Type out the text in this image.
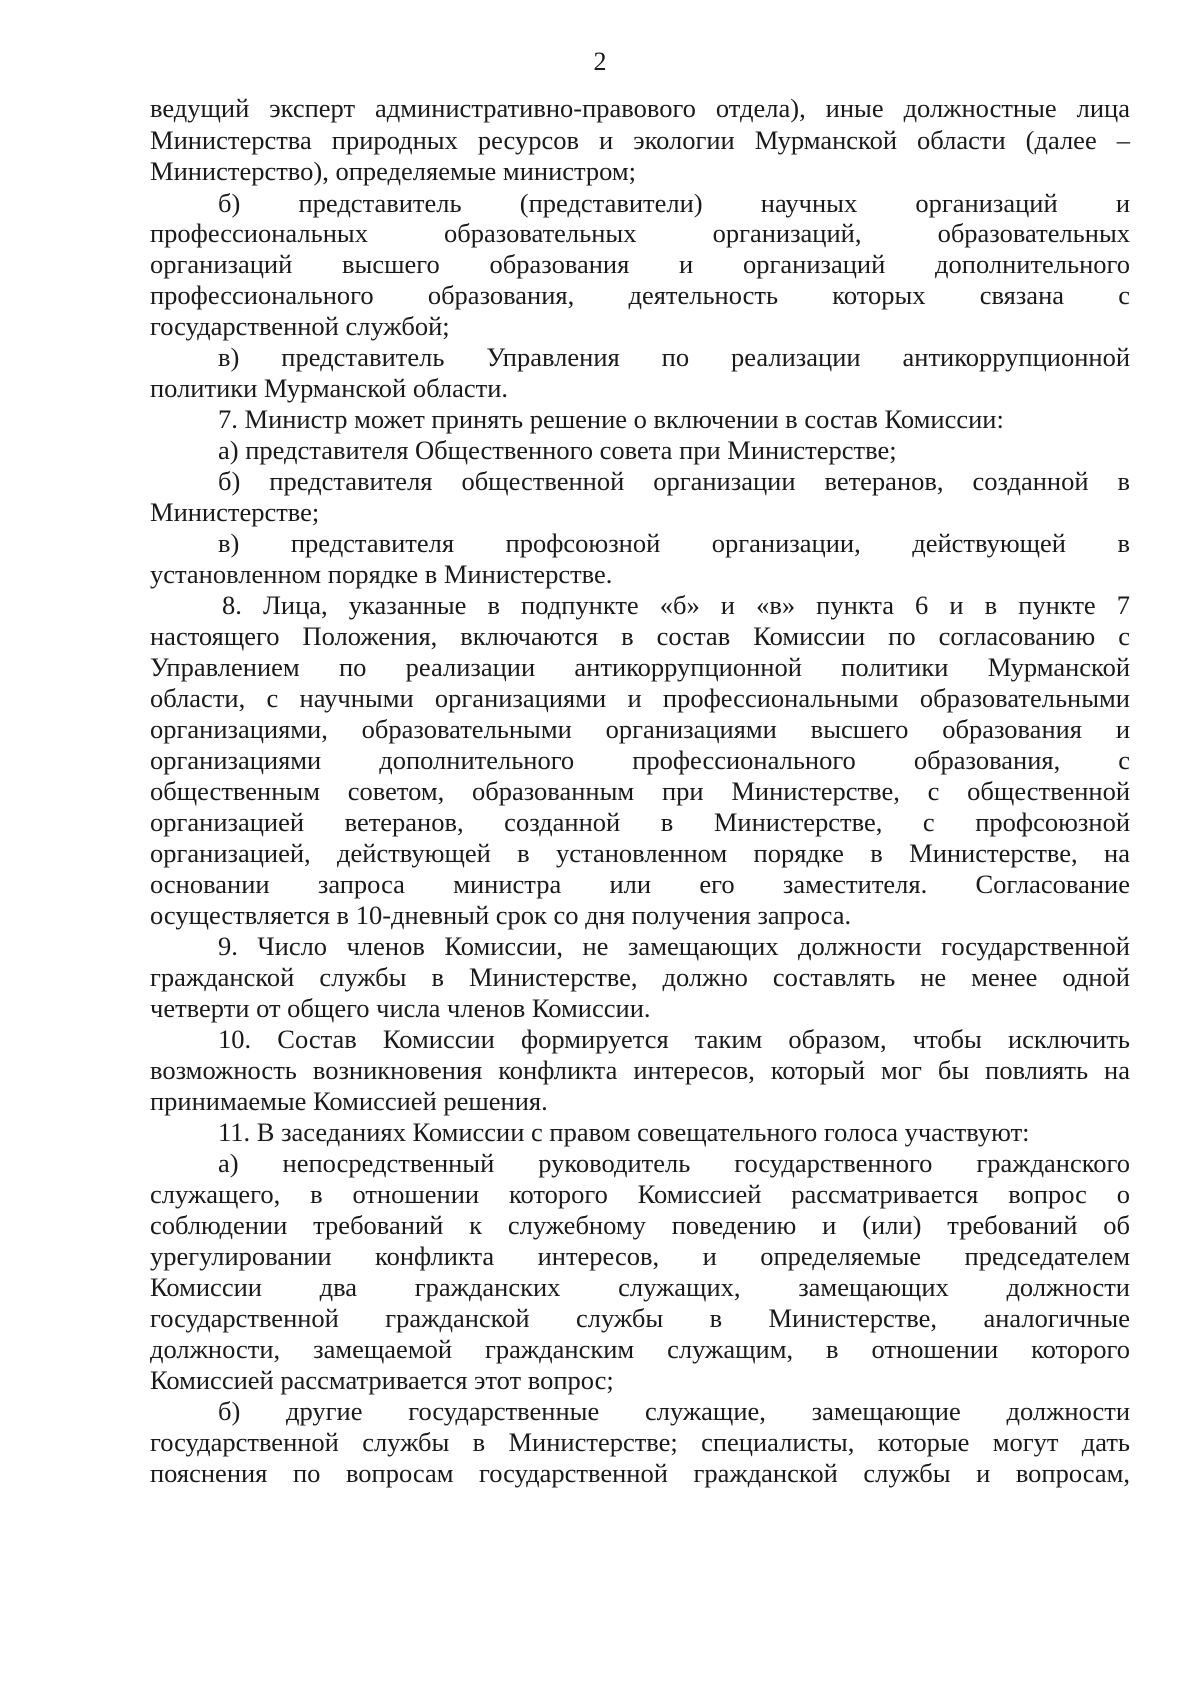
2
ведущий эксперт административно-правового отдела), иные должностные лица
Министерства природных ресурсов и экологии Мурманской области (далее –
Министерство), определяемые министром;
б) представитель (представители) научных организаций и
профессиональных образовательных организаций, образовательных
организаций высшего образования и организаций дополнительного
профессионального образования, деятельность которых связана с
государственной службой;
в) представитель Управления по реализации антикоррупционной
политики Мурманской области.
7. Министр может принять решение о включении в состав Комиссии:
а) представителя Общественного совета при Министерстве;
б) представителя общественной организации ветеранов, созданной в
Министерстве;
в) представителя профсоюзной организации, действующей в
установленном порядке в Министерстве.
8. Лица, указанные в подпункте «б» и «в» пункта 6 и в пункте 7
настоящего Положения, включаются в состав Комиссии по согласованию с
Управлением по реализации антикоррупционной политики Мурманской
области, с научными организациями и профессиональными образовательными
организациями, образовательными организациями высшего образования и
организациями дополнительного профессионального образования, с
общественным советом, образованным при Министерстве, с общественной
организацией ветеранов, созданной в Министерстве, с профсоюзной
организацией, действующей в установленном порядке в Министерстве, на
основании запроса министра или его заместителя. Согласование
осуществляется в 10-дневный срок со дня получения запроса.
9. Число членов Комиссии, не замещающих должности государственной
гражданской службы в Министерстве, должно составлять не менее одной
четверти от общего числа членов Комиссии.
10. Состав Комиссии формируется таким образом, чтобы исключить
возможность возникновения конфликта интересов, который мог бы повлиять на
принимаемые Комиссией решения.
11. В заседаниях Комиссии с правом совещательного голоса участвуют:
а) непосредственный руководитель государственного гражданского
служащего, в отношении которого Комиссией рассматривается вопрос о
соблюдении требований к служебному поведению и (или) требований об
урегулировании конфликта интересов, и определяемые председателем
Комиссии два гражданских служащих, замещающих должности
государственной гражданской службы в Министерстве, аналогичные
должности, замещаемой гражданским служащим, в отношении которого
Комиссией рассматривается этот вопрос;
б) другие государственные служащие, замещающие должности
государственной службы в Министерстве; специалисты, которые могут дать
пояснения по вопросам государственной гражданской службы и вопросам,
